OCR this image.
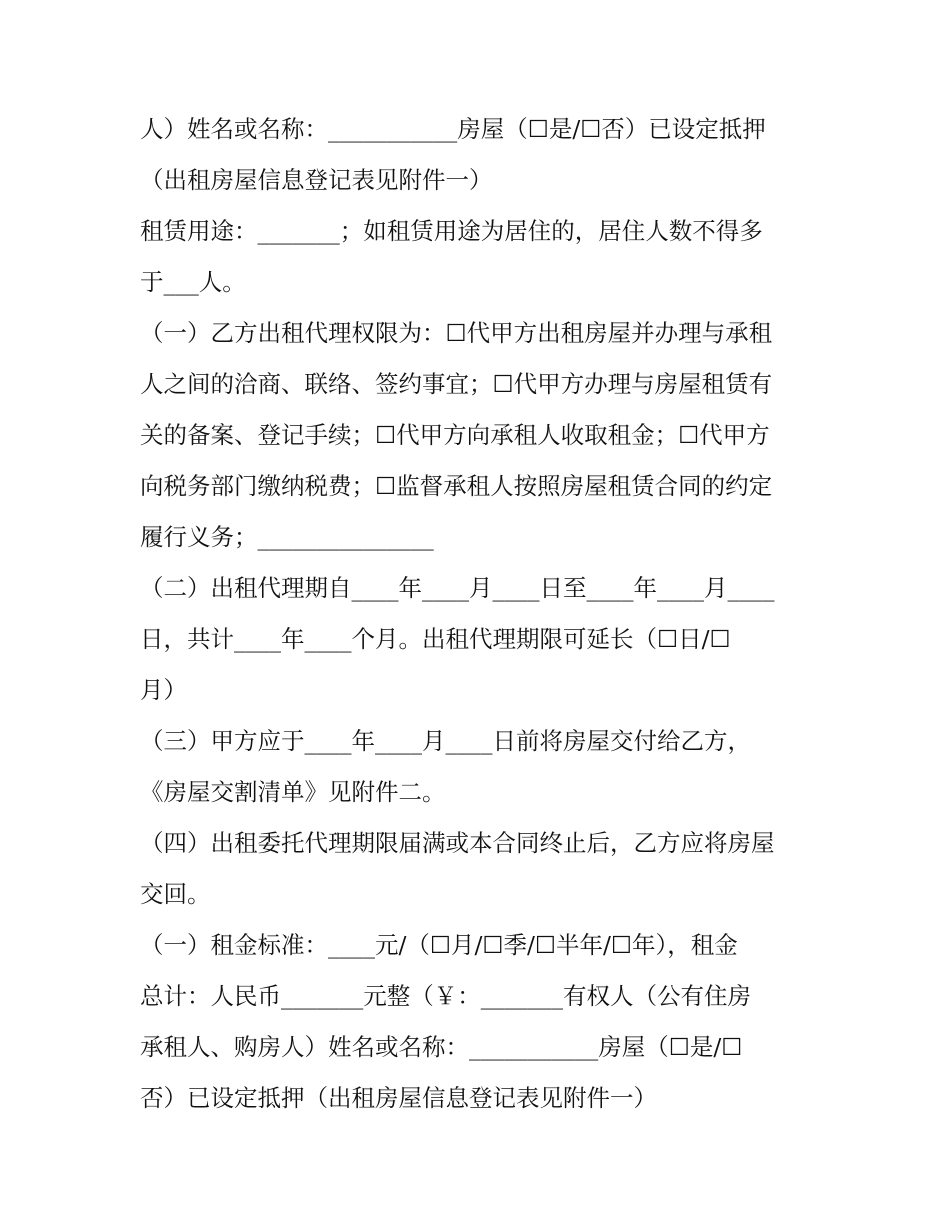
人）姓名或名称：___________房屋（☐是/☐否）已设定抵押
（出租房屋信息登记表见附件一）
租赁用途：_______；如租赁用途为居住的，居住人数不得多
于___人。
（一）乙方出租代理权限为：☐代甲方出租房屋并办理与承租
人之间的洽商、联络、签约事宜；☐代甲方办理与房屋租赁有
关的备案、登记手续；☐代甲方向承租人收取租金；☐代甲方
向税务部门缴纳税费；☐监督承租人按照房屋租赁合同的约定
履行义务；_______________
（二）出租代理期自____年____月____日至____年____月____
日，共计____年____个月。出租代理期限可延长（☐日/☐
月）
（三）甲方应于____年____月____日前将房屋交付给乙方，
《房屋交割清单》见附件二。
（四）出租委托代理期限届满或本合同终止后，乙方应将房屋
交回。
（一）租金标准：____元/（☐月/☐季/☐半年/☐年），租金
总计：人民币_______元整（￥：_______有权人（公有住房
承租人、购房人）姓名或名称：___________房屋（☐是/☐
否）已设定抵押（出租房屋信息登记表见附件一）
